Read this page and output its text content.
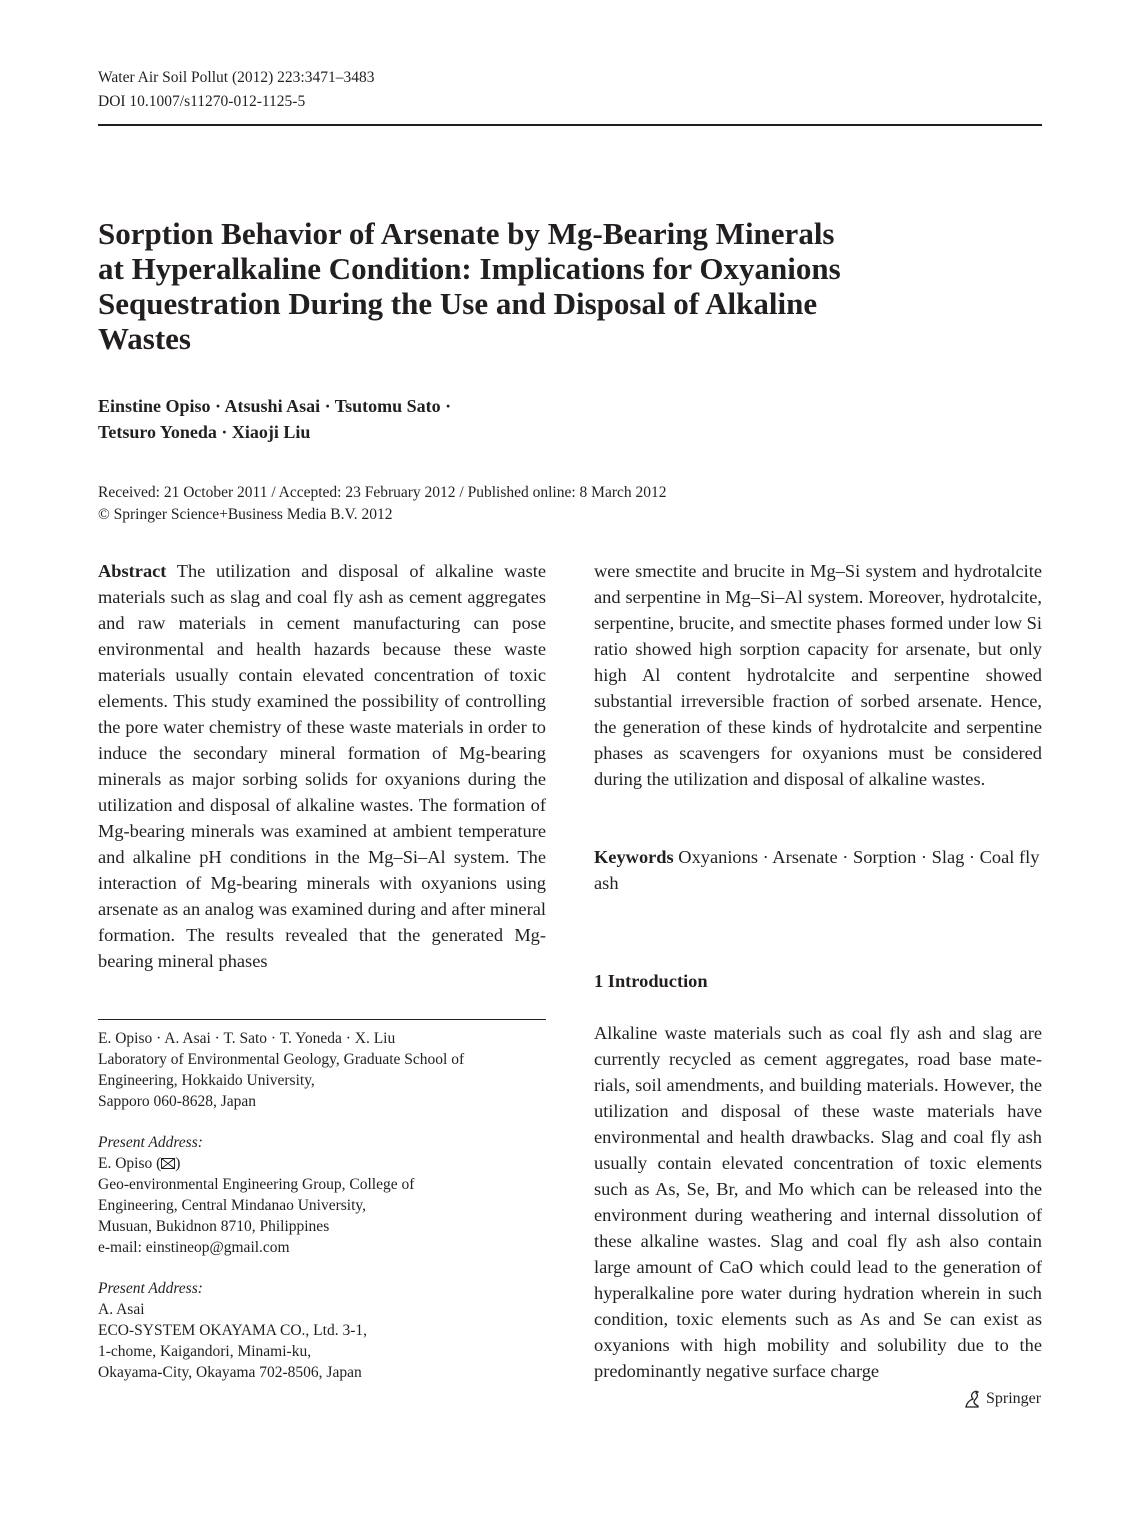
Water Air Soil Pollut (2012) 223:3471–3483
DOI 10.1007/s11270-012-1125-5
Sorption Behavior of Arsenate by Mg-Bearing Minerals
at Hyperalkaline Condition: Implications for Oxyanions
Sequestration During the Use and Disposal of Alkaline
Wastes
Einstine Opiso · Atsushi Asai · Tsutomu Sato ·
Tetsuro Yoneda · Xiaoji Liu
Received: 21 October 2011 / Accepted: 23 February 2012 / Published online: 8 March 2012
© Springer Science+Business Media B.V. 2012
Abstract The utilization and disposal of alkaline waste materials such as slag and coal fly ash as cement aggregates and raw materials in cement manufacturing can pose environmental and health hazards because these waste materials usually contain elevated concentration of toxic elements. This study examined the possibility of controlling the pore water chemistry of these waste materials in order to induce the secondary mineral formation of Mg-bearing minerals as major sorbing solids for oxyanions during the utilization and disposal of alkaline wastes. The formation of Mg-bearing minerals was examined at ambient temperature and alkaline pH conditions in the Mg–Si–Al system. The interaction of Mg-bearing minerals with oxyanions using arsenate as an analog was examined during and after mineral formation. The results revealed that the generated Mg-bearing mineral phases
were smectite and brucite in Mg–Si system and hydrotalcite and serpentine in Mg–Si–Al system. Moreover, hydrotalcite, serpentine, brucite, and smectite phases formed under low Si ratio showed high sorption capacity for arsenate, but only high Al content hydrotalcite and serpentine showed substantial irreversible fraction of sorbed arsenate. Hence, the generation of these kinds of hydrotalcite and serpentine phases as scavengers for oxyanions must be considered during the utilization and disposal of alkaline wastes.
Keywords Oxyanions · Arsenate · Sorption · Slag · Coal fly ash
1 Introduction
Alkaline waste materials such as coal fly ash and slag are currently recycled as cement aggregates, road base materials, soil amendments, and building materials. However, the utilization and disposal of these waste materials have environmental and health drawbacks. Slag and coal fly ash usually contain elevated concentration of toxic elements such as As, Se, Br, and Mo which can be released into the environment during weathering and internal dissolution of these alkaline wastes. Slag and coal fly ash also contain large amount of CaO which could lead to the generation of hyperalkaline pore water during hydration wherein in such condition, toxic elements such as As and Se can exist as oxyanions with high mobility and solubility due to the predominantly negative surface charge
E. Opiso · A. Asai · T. Sato · T. Yoneda · X. Liu
Laboratory of Environmental Geology, Graduate School of
Engineering, Hokkaido University,
Sapporo 060-8628, Japan
Present Address:
E. Opiso ( )
Geo-environmental Engineering Group, College of
Engineering, Central Mindanao University,
Musuan, Bukidnon 8710, Philippines
e-mail: einstineop@gmail.com
Present Address:
A. Asai
ECO-SYSTEM OKAYAMA CO., Ltd. 3-1,
1-chome, Kaigandori, Minami-ku,
Okayama-City, Okayama 702-8506, Japan
Springer
